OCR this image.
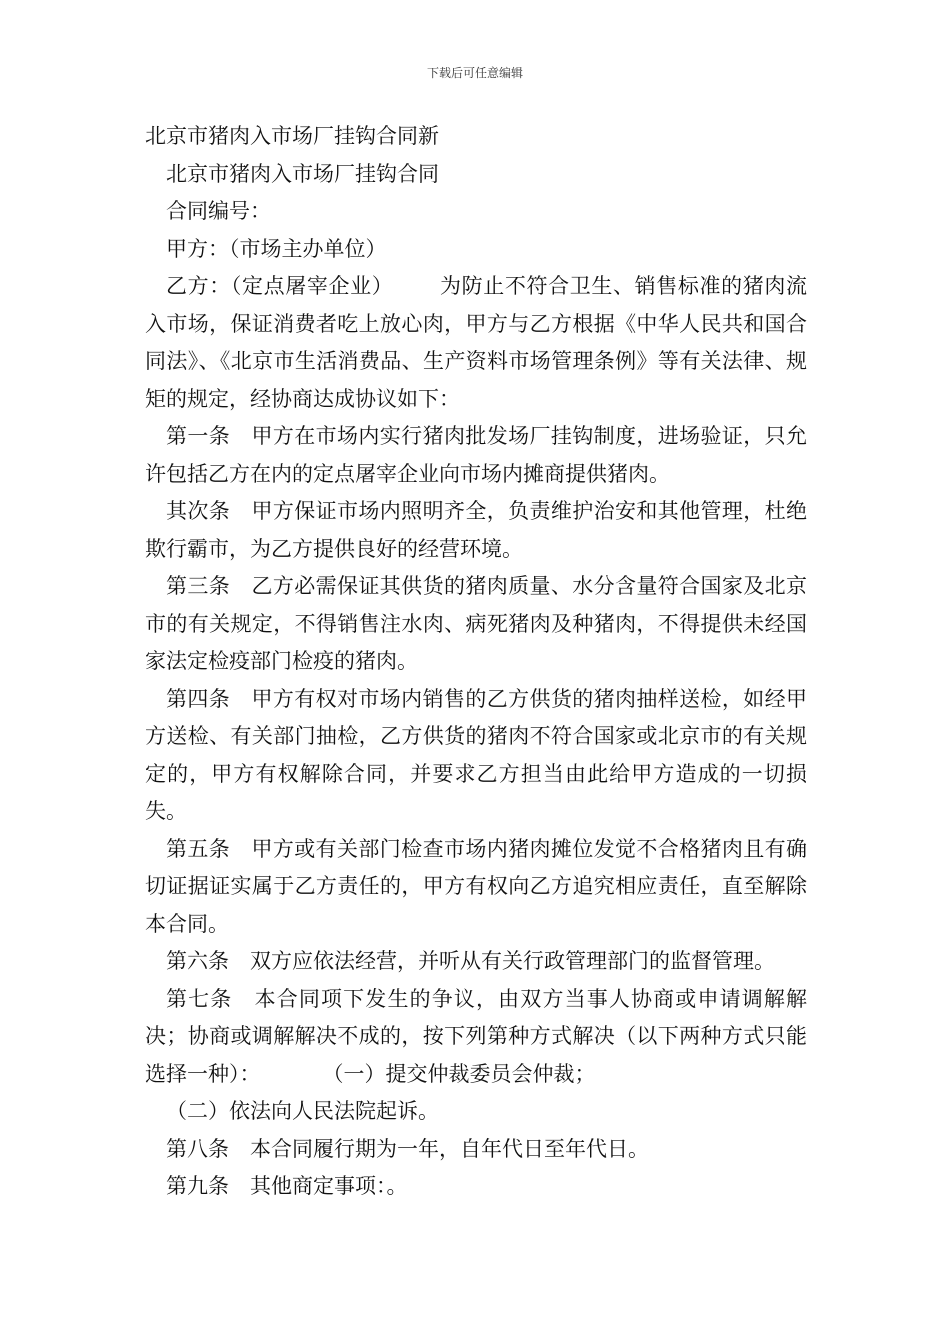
下载后可任意编辑

北京市猪肉入市场厂挂钩合同新

北京市猪肉入市场厂挂钩合同

合同编号：

甲方：（市场主办单位）

乙方：（定点屠宰企业） 为防止不符合卫生、销售标准的猪肉流入市场，保证消费者吃上放心肉，甲方与乙方根据《中华人民共和国合同法》、《北京市生活消费品、生产资料市场管理条例》等有关法律、规矩的规定，经协商达成协议如下：

第一条　 甲方在市场内实行猪肉批发场厂挂钩制度，进场验证，只允许包括乙方在内的定点屠宰企业向市场内摊商提供猪肉。

其次条　 甲方保证市场内照明齐全，负责维护治安和其他管理，杜绝欺行霸市，为乙方提供良好的经营环境。

第三条　 乙方必需保证其供货的猪肉质量、水分含量符合国家及北京市的有关规定，不得销售注水肉、病死猪肉及种猪肉，不得提供未经国家法定检疫部门检疫的猪肉。

第四条　 甲方有权对市场内销售的乙方供货的猪肉抽样送检，如经甲方送检、有关部门抽检，乙方供货的猪肉不符合国家或北京市的有关规定的，甲方有权解除合同，并要求乙方担当由此给甲方造成的一切损失。

第五条　 甲方或有关部门检查市场内猪肉摊位发觉不合格猪肉且有确切证据证实属于乙方责任的，甲方有权向乙方追究相应责任，直至解除本合同。

第六条　 双方应依法经营，并听从有关行政管理部门的监督管理。

第七条　 本合同项下发生的争议，由双方当事人协商或申请调解解决；协商或调解解决不成的，按下列第种方式解决（以下两种方式只能选择一种）：	（一）提交仲裁委员会仲裁；

（二）依法向人民法院起诉。

第八条　 本合同履行期为一年，自年代日至年代日。

第九条　 其他商定事项：。
